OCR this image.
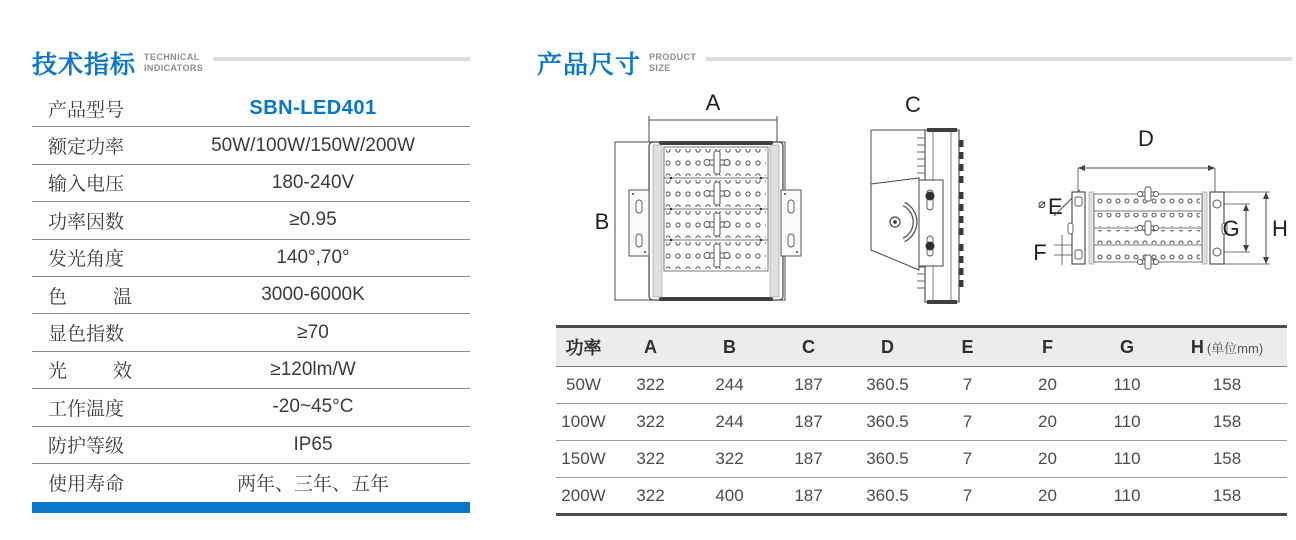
技术指标 TECHNICAL
INDICATORS
产品型号	SBN-LED401
额定功率	50W/100W/150W/200W
输入电压	180-240V
功率因数	≥0.95
发光角度	140°,70°
色温	3000-6000K
显色指数	≥70
光效	≥120lm/W
工作温度	-20~45°C
防护等级	IP65
使用寿命	两年、三年、五年
产品尺寸 PRODUCT
SIZE
A
B
C
D
⌀ E
F
G H
功率	A	B	C	D	E	F	G	H (单位mm)
50W	322	244	187	360.5	7	20	110	158
100W	322	244	187	360.5	7	20	110	158
150W	322	322	187	360.5	7	20	110	158
200W	322	400	187	360.5	7	20	110	158
